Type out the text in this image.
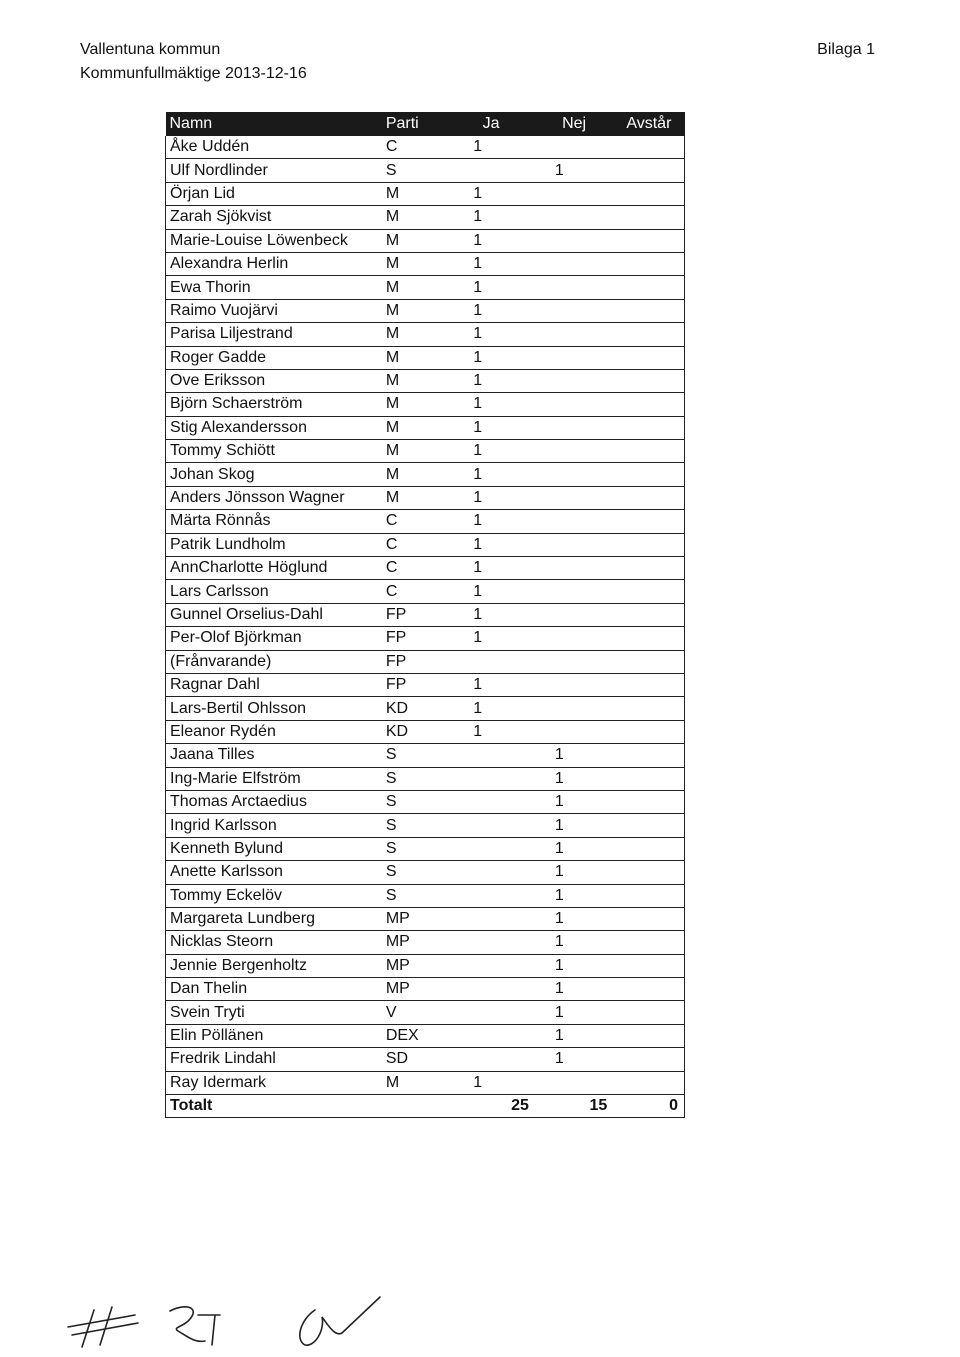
Vallentuna kommun
Kommunfullmäktige 2013-12-16
Bilaga 1
Namn	Parti	Ja	Nej	Avstår
Åke Uddén	C	1		
Ulf Nordlinder	S		1	
Örjan Lid	M	1		
Zarah Sjökvist	M	1		
Marie-Louise Löwenbeck	M	1		
Alexandra Herlin	M	1		
Ewa Thorin	M	1		
Raimo Vuojärvi	M	1		
Parisa Liljestrand	M	1		
Roger Gadde	M	1		
Ove Eriksson	M	1		
Björn Schaerström	M	1		
Stig Alexandersson	M	1		
Tommy Schiött	M	1		
Johan Skog	M	1		
Anders Jönsson Wagner	M	1		
Märta Rönnås	C	1		
Patrik Lundholm	C	1		
AnnCharlotte Höglund	C	1		
Lars Carlsson	C	1		
Gunnel Orselius-Dahl	FP	1		
Per-Olof Björkman	FP	1		
(Frånvarande)	FP			
Ragnar Dahl	FP	1		
Lars-Bertil Ohlsson	KD	1		
Eleanor Rydén	KD	1		
Jaana Tilles	S		1	
Ing-Marie Elfström	S		1	
Thomas Arctaedius	S		1	
Ingrid Karlsson	S		1	
Kenneth Bylund	S		1	
Anette Karlsson	S		1	
Tommy Eckelöv	S		1	
Margareta Lundberg	MP		1	
Nicklas Steorn	MP		1	
Jennie Bergenholtz	MP		1	
Dan Thelin	MP		1	
Svein Tryti	V		1	
Elin Pöllänen	DEX		1	
Fredrik Lindahl	SD		1	
Ray Idermark	M	1		
Totalt		25	15	0
